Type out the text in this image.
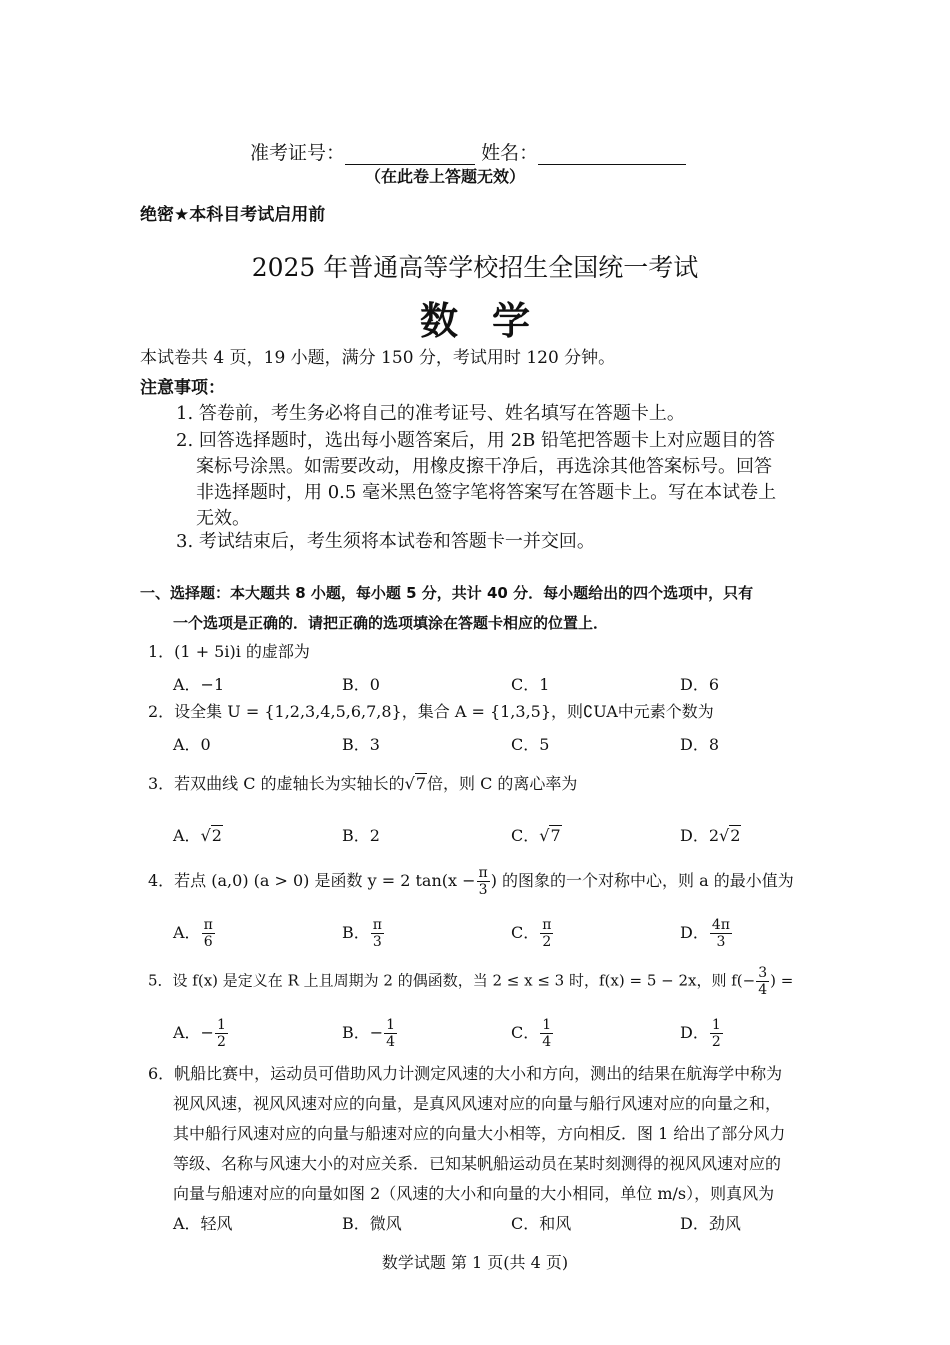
准考证号：	姓名：
（在此卷上答题无效）
绝密★本科目考试启用前
2025 年普通高等学校招生全国统一考试
数学
本试卷共 4 页，19 小题，满分 150 分，考试用时 120 分钟。
注意事项：
1. 答卷前，考生务必将自己的准考证号、姓名填写在答题卡上。
2. 回答选择题时，选出每小题答案后，用 2B 铅笔把答题卡上对应题目的答
案标号涂黑。如需要改动，用橡皮擦干净后，再选涂其他答案标号。回答
非选择题时，用 0.5 毫米黑色签字笔将答案写在答题卡上。写在本试卷上
无效。
3. 考试结束后，考生须将本试卷和答题卡一并交回。
一、选择题：本大题共 8 小题，每小题 5 分，共计 40 分．每小题给出的四个选项中，只有
一个选项是正确的．请把正确的选项填涂在答题卡相应的位置上．
1．(1 + 5i)i 的虚部为
A．−1	B．0	C．1	D．6
2．设全集 U = {1,2,3,4,5,6,7,8}，集合 A = {1,3,5}，则∁UA中元素个数为
A．0	B．3	C．5	D．8
3．若双曲线 C 的虚轴长为实轴长的√7倍，则 C 的离心率为
A．√2	B．2	C．√7	D．2√2
4．若点 (a,0) (a > 0) 是函数 y = 2 $\tan(x - \frac{\pi}{3}$ ) 的图象的一个对称中心，则 a 的最小值为
A． $\frac{\pi}{6}$	B． $\frac{\pi}{3}$	C． $\frac{\pi}{2}$	D． $\frac{4\pi}{3}$
5．设 f(x) 是定义在 R 上且周期为 2 的偶函数，当 2 ≤ x ≤ 3 时，f(x) = 5 − 2x，则 $f(- \frac{3}{4}$ ) =
A．− $\frac{1}{2}$	B．− $\frac{1}{4}$	C． $\frac{1}{4}$	D． $\frac{1}{2}$
6．帆船比赛中，运动员可借助风力计测定风速的大小和方向，测出的结果在航海学中称为
视风风速，视风风速对应的向量，是真风风速对应的向量与船行风速对应的向量之和，
其中船行风速对应的向量与船速对应的向量大小相等，方向相反．图 1 给出了部分风力
等级、名称与风速大小的对应关系．已知某帆船运动员在某时刻测得的视风风速对应的
向量与船速对应的向量如图 2（风速的大小和向量的大小相同，单位 m/s），则真风为
A．轻风	B．微风	C．和风	D．劲风
数学试题 第 1 页(共 4 页)
